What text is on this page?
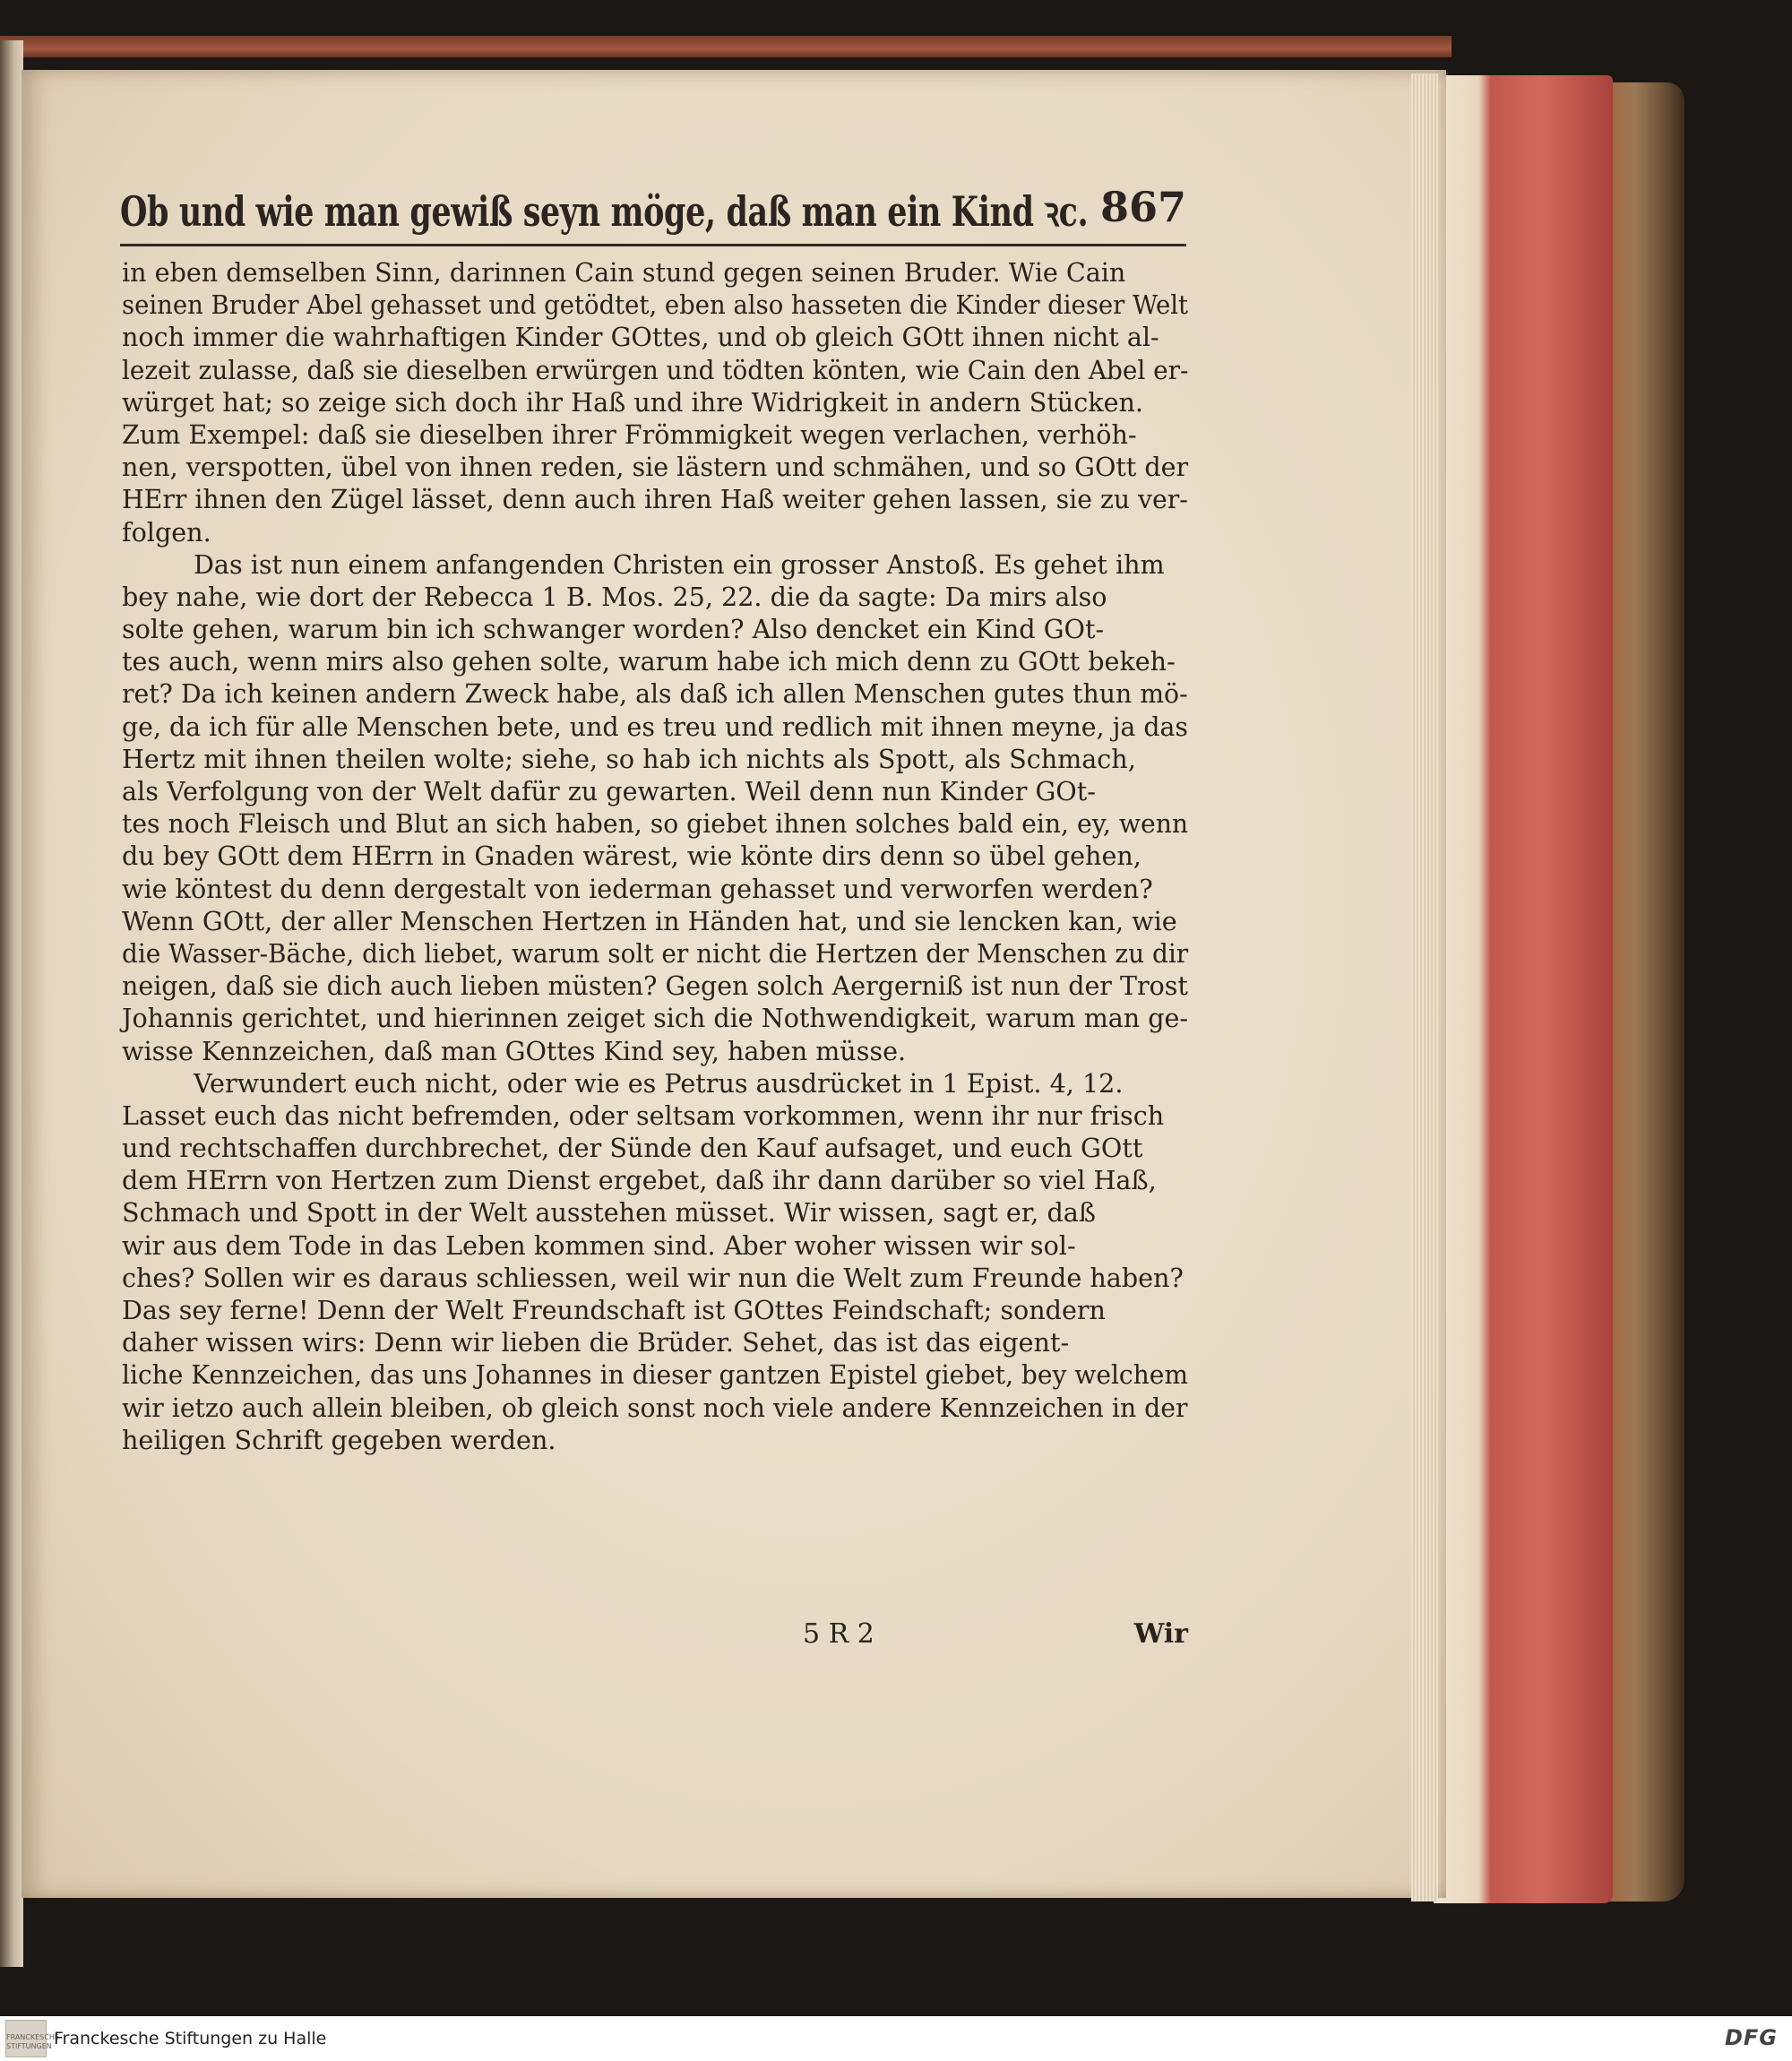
Ob und wie man gewiß seyn möge, daß man ein Kind ꝛc. 867
in eben demselben Sinn, darinnen Cain stund gegen seinen Bruder. Wie Cain
seinen Bruder Abel gehasset und getödtet, eben also hasseten die Kinder dieser Welt
noch immer die wahrhaftigen Kinder GOttes, und ob gleich GOtt ihnen nicht al-
lezeit zulasse, daß sie dieselben erwürgen und tödten könten, wie Cain den Abel er-
würget hat; so zeige sich doch ihr Haß und ihre Widrigkeit in andern Stücken.
Zum Exempel: daß sie dieselben ihrer Frömmigkeit wegen verlachen, verhöh-
nen, verspotten, übel von ihnen reden, sie lästern und schmähen, und so GOtt der
HErr ihnen den Zügel lässet, denn auch ihren Haß weiter gehen lassen, sie zu ver-
folgen.
Das ist nun einem anfangenden Christen ein grosser Anstoß. Es gehet ihm
bey nahe, wie dort der Rebecca 1 B. Mos. 25, 22. die da sagte: Da mirs also
solte gehen, warum bin ich schwanger worden? Also dencket ein Kind GOt-
tes auch, wenn mirs also gehen solte, warum habe ich mich denn zu GOtt bekeh-
ret? Da ich keinen andern Zweck habe, als daß ich allen Menschen gutes thun mö-
ge, da ich für alle Menschen bete, und es treu und redlich mit ihnen meyne, ja das
Hertz mit ihnen theilen wolte; siehe, so hab ich nichts als Spott, als Schmach,
als Verfolgung von der Welt dafür zu gewarten. Weil denn nun Kinder GOt-
tes noch Fleisch und Blut an sich haben, so giebet ihnen solches bald ein, ey, wenn
du bey GOtt dem HErrn in Gnaden wärest, wie könte dirs denn so übel gehen,
wie köntest du denn dergestalt von iederman gehasset und verworfen werden?
Wenn GOtt, der aller Menschen Hertzen in Händen hat, und sie lencken kan, wie
die Wasser-Bäche, dich liebet, warum solt er nicht die Hertzen der Menschen zu dir
neigen, daß sie dich auch lieben müsten? Gegen solch Aergerniß ist nun der Trost
Johannis gerichtet, und hierinnen zeiget sich die Nothwendigkeit, warum man ge-
wisse Kennzeichen, daß man GOttes Kind sey, haben müsse.
Verwundert euch nicht, oder wie es Petrus ausdrücket in 1 Epist. 4, 12.
Lasset euch das nicht befremden, oder seltsam vorkommen, wenn ihr nur frisch
und rechtschaffen durchbrechet, der Sünde den Kauf aufsaget, und euch GOtt
dem HErrn von Hertzen zum Dienst ergebet, daß ihr dann darüber so viel Haß,
Schmach und Spott in der Welt ausstehen müsset. Wir wissen, sagt er, daß
wir aus dem Tode in das Leben kommen sind. Aber woher wissen wir sol-
ches? Sollen wir es daraus schliessen, weil wir nun die Welt zum Freunde haben?
Das sey ferne! Denn der Welt Freundschaft ist GOttes Feindschaft; sondern
daher wissen wirs: Denn wir lieben die Brüder. Sehet, das ist das eigent-
liche Kennzeichen, das uns Johannes in dieser gantzen Epistel giebet, bey welchem
wir ietzo auch allein bleiben, ob gleich sonst noch viele andere Kennzeichen in der
heiligen Schrift gegeben werden.
5 R 2	Wir
FRANCKESCHE STIFTUNGEN Franckesche Stiftungen zu Halle	DFG
